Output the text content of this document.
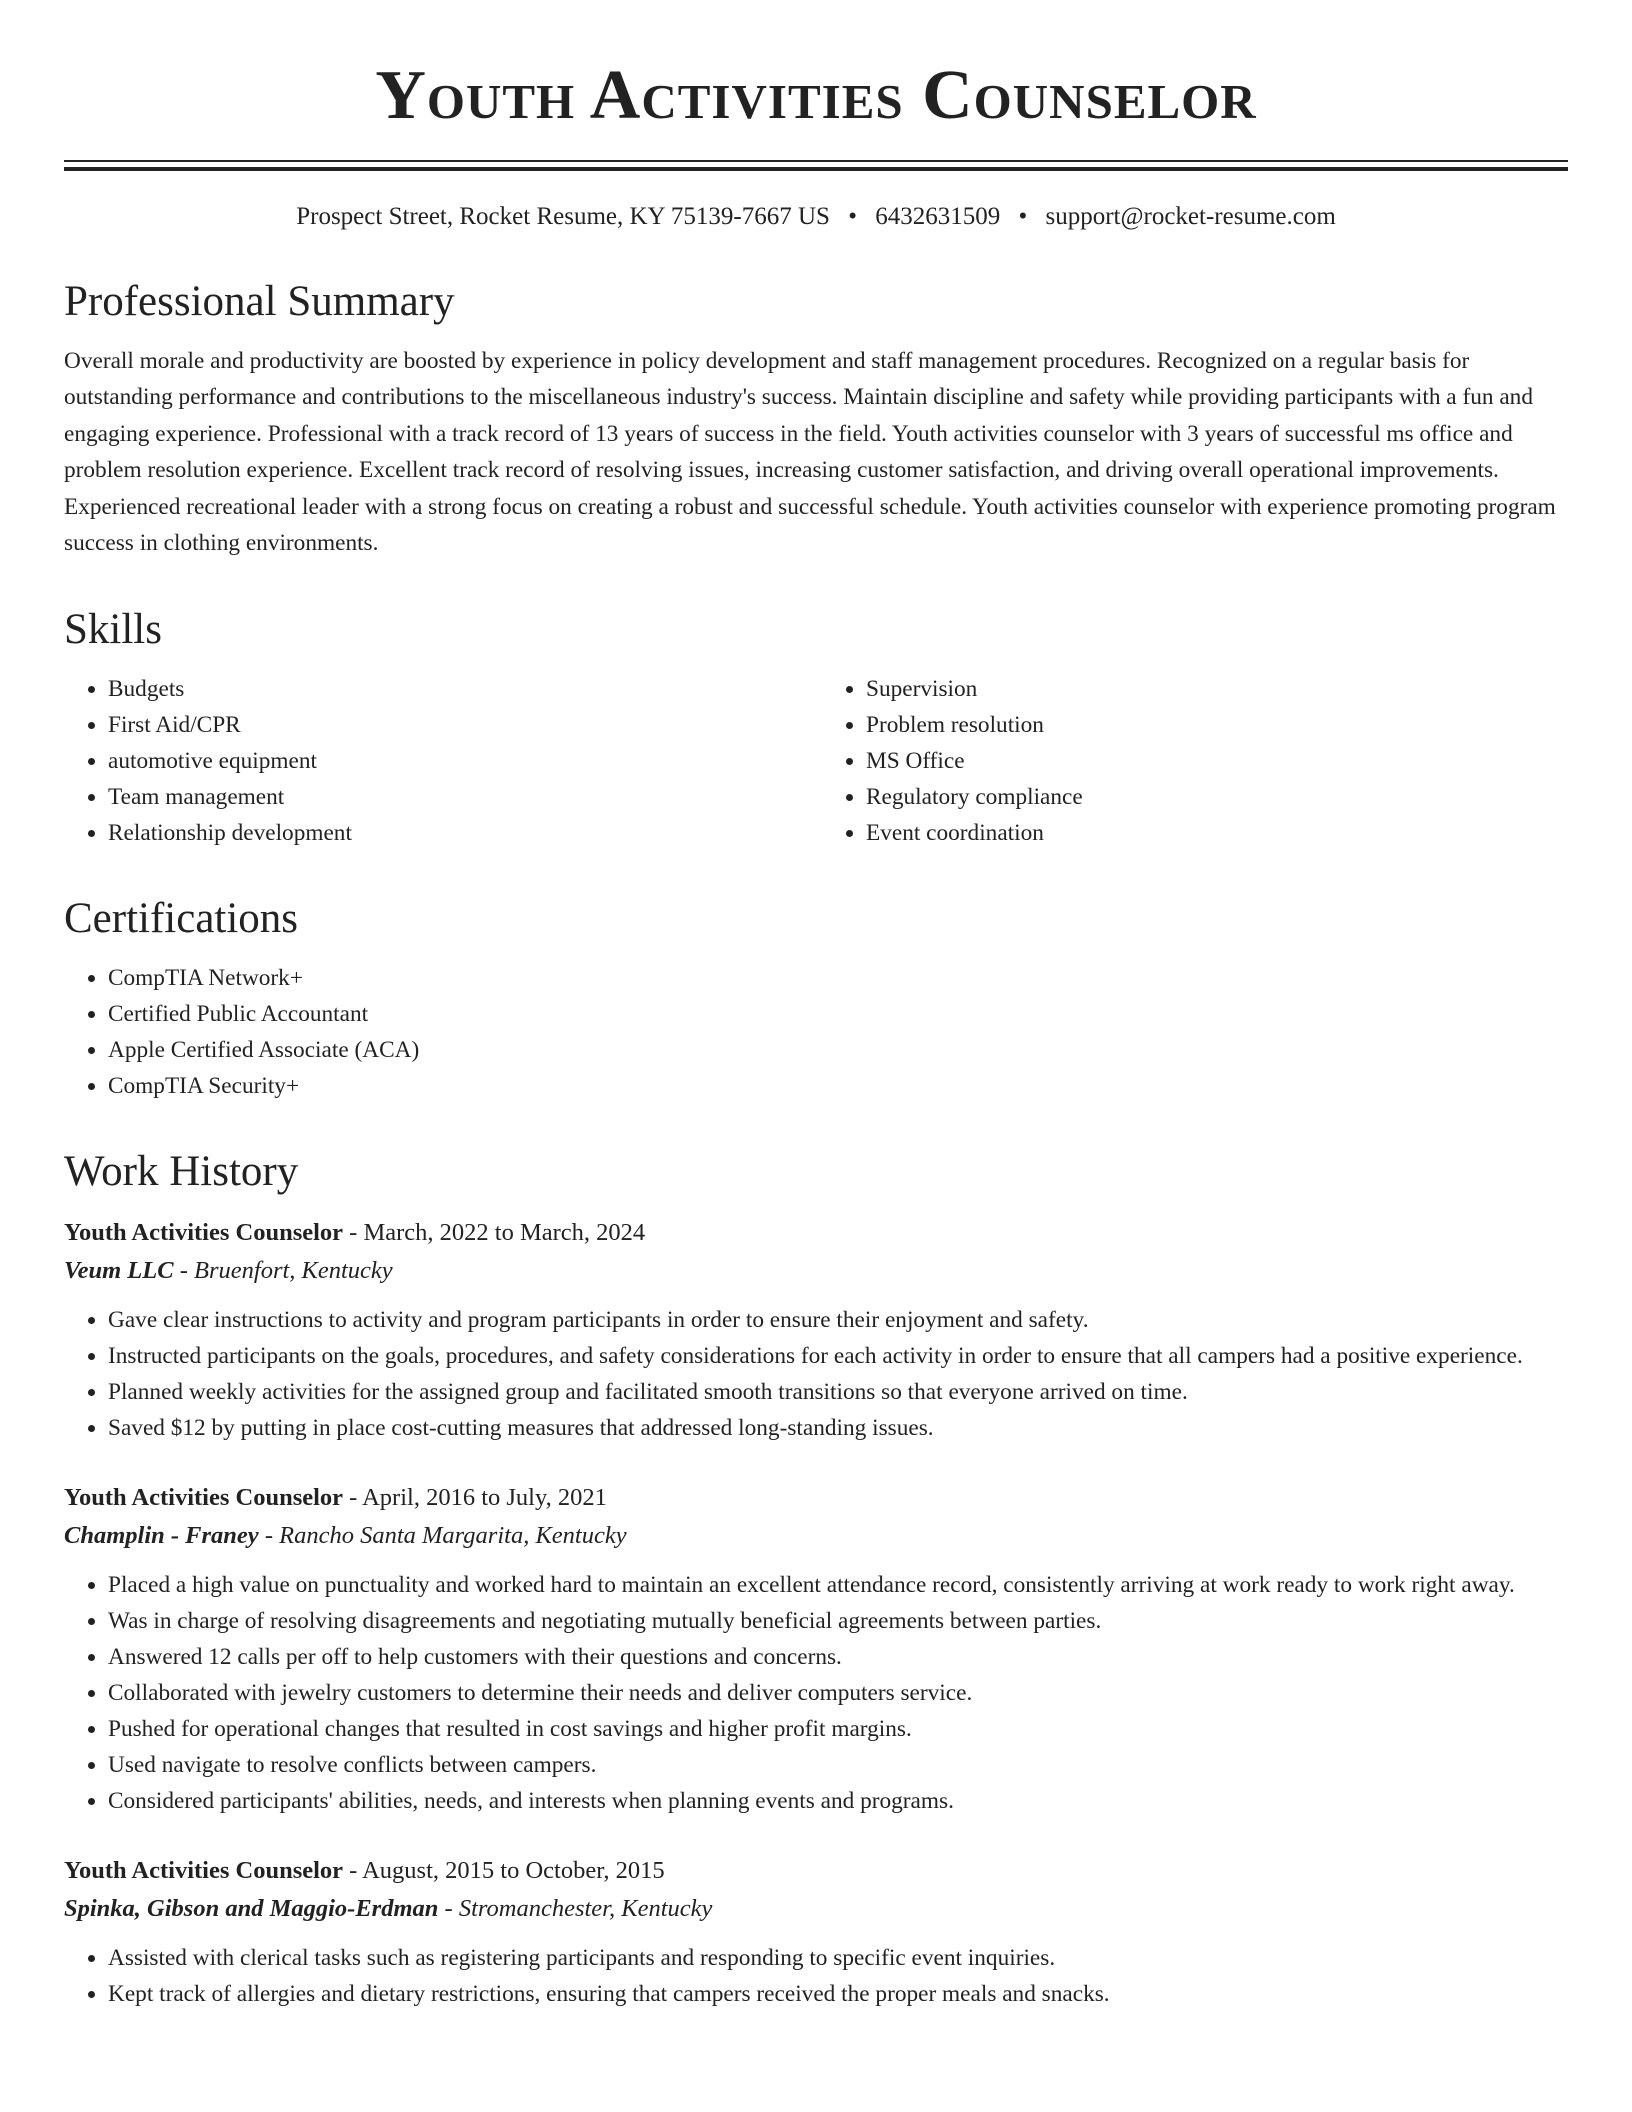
Youth Activities Counselor
Prospect Street, Rocket Resume, KY 75139-7667 US • 6432631509 • support@rocket-resume.com
Professional Summary

Overall morale and productivity are boosted by experience in policy development and staff management procedures. Recognized on a regular basis for outstanding performance and contributions to the miscellaneous industry's success. Maintain discipline and safety while providing participants with a fun and engaging experience. Professional with a track record of 13 years of success in the field. Youth activities counselor with 3 years of successful ms office and problem resolution experience. Excellent track record of resolving issues, increasing customer satisfaction, and driving overall operational improvements. Experienced recreational leader with a strong focus on creating a robust and successful schedule. Youth activities counselor with experience promoting program success in clothing environments.

Skills
• Budgets
• First Aid/CPR
• automotive equipment
• Team management
• Relationship development
• Supervision
• Problem resolution
• MS Office
• Regulatory compliance
• Event coordination
Certifications
• CompTIA Network+
• Certified Public Accountant
• Apple Certified Associate (ACA)
• CompTIA Security+
Work History
Youth Activities Counselor - March, 2022 to March, 2024
Veum LLC - Bruenfort, Kentucky
• Gave clear instructions to activity and program participants in order to ensure their enjoyment and safety.
• Instructed participants on the goals, procedures, and safety considerations for each activity in order to ensure that all campers had a positive experience.
• Planned weekly activities for the assigned group and facilitated smooth transitions so that everyone arrived on time.
• Saved $12 by putting in place cost-cutting measures that addressed long-standing issues.
Youth Activities Counselor - April, 2016 to July, 2021
Champlin - Franey - Rancho Santa Margarita, Kentucky
• Placed a high value on punctuality and worked hard to maintain an excellent attendance record, consistently arriving at work ready to work right away.
• Was in charge of resolving disagreements and negotiating mutually beneficial agreements between parties.
• Answered 12 calls per off to help customers with their questions and concerns.
• Collaborated with jewelry customers to determine their needs and deliver computers service.
• Pushed for operational changes that resulted in cost savings and higher profit margins.
• Used navigate to resolve conflicts between campers.
• Considered participants' abilities, needs, and interests when planning events and programs.
Youth Activities Counselor - August, 2015 to October, 2015
Spinka, Gibson and Maggio-Erdman - Stromanchester, Kentucky
• Assisted with clerical tasks such as registering participants and responding to specific event inquiries.
• Kept track of allergies and dietary restrictions, ensuring that campers received the proper meals and snacks.
